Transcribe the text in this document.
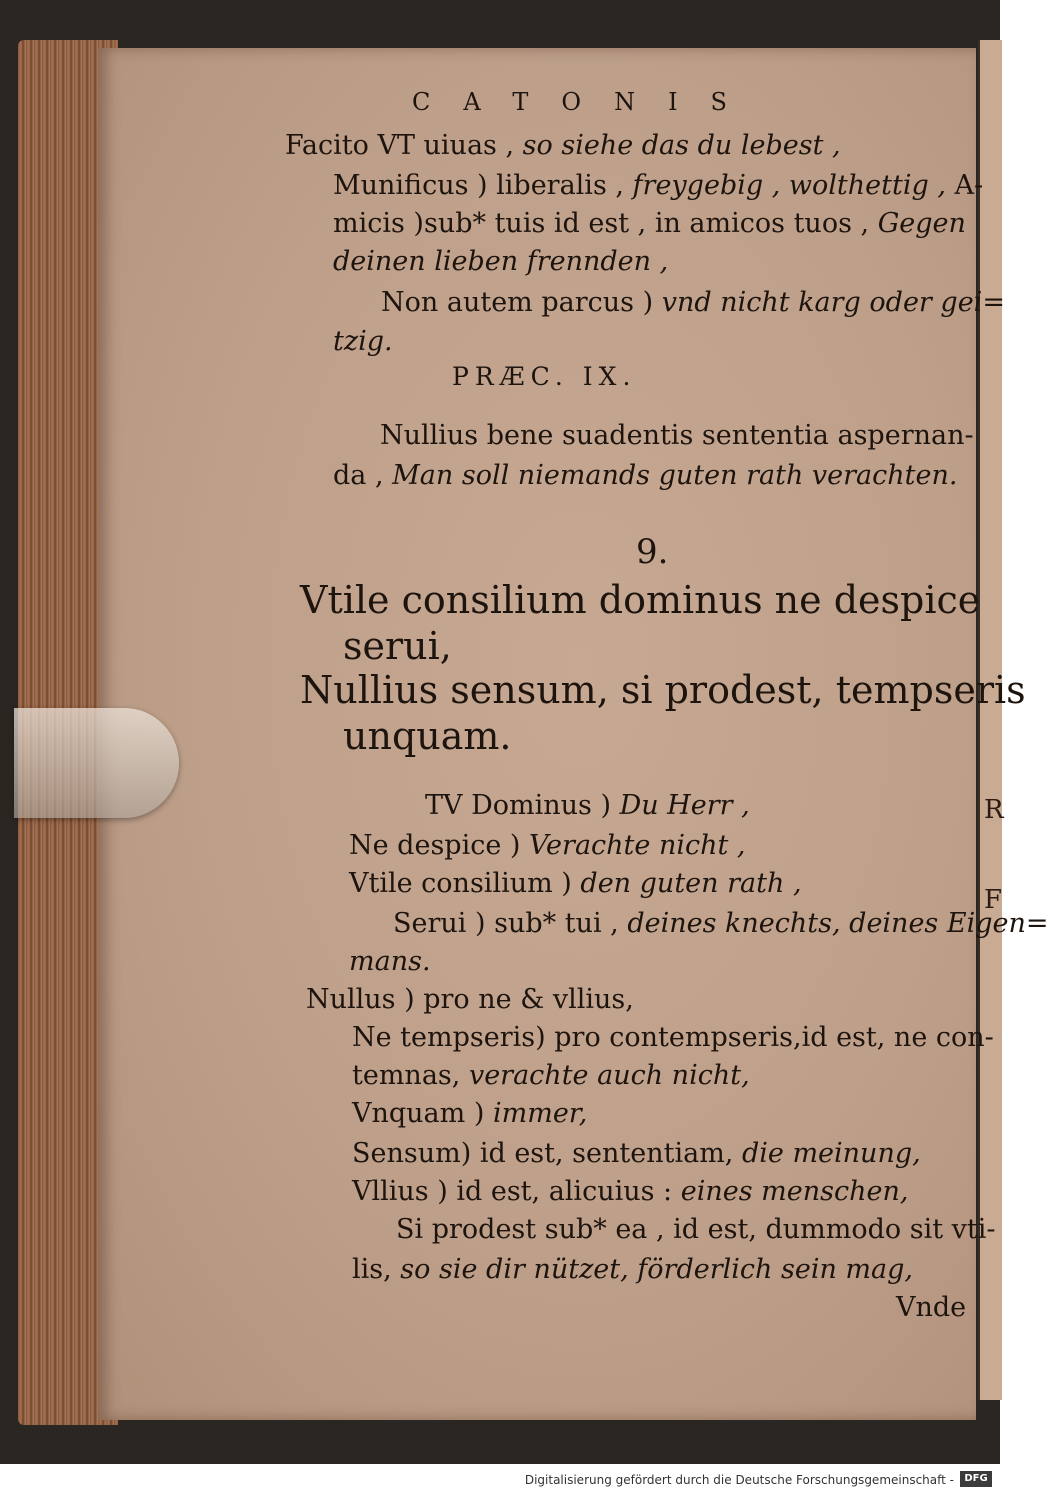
R
F
CATONIS
Facito VT uiuas , so siehe das du lebest ,
Munificus ) liberalis , freygebig , wolthettig , A-
micis )sub* tuis id est , in amicos tuos , Gegen
deinen lieben frennden ,
Non autem parcus ) vnd nicht karg oder gei=
tzig.
PRÆC. IX.
Nullius bene suadentis sententia aspernan-
da , Man soll niemands guten rath verachten.
9.
Vtile consilium dominus ne despice
serui,
Nullius sensum, si prodest, tempseris
unquam.
TV Dominus ) Du Herr ,
Ne despice ) Verachte nicht ,
Vtile consilium ) den guten rath ,
Serui ) sub* tui , deines knechts, deines Eigen=
mans.
Nullus ) pro ne & vllius,
Ne tempseris) pro contempseris,id est, ne con-
temnas, verachte auch nicht,
Vnquam ) immer,
Sensum) id est, sententiam, die meinung,
Vllius ) id est, alicuius : eines menschen,
Si prodest sub* ea , id est, dummodo sit vti-
lis, so sie dir nützet, förderlich sein mag,
Vnde
Digitalisierung gefördert durch die Deutsche Forschungsgemeinschaft -	DFG
